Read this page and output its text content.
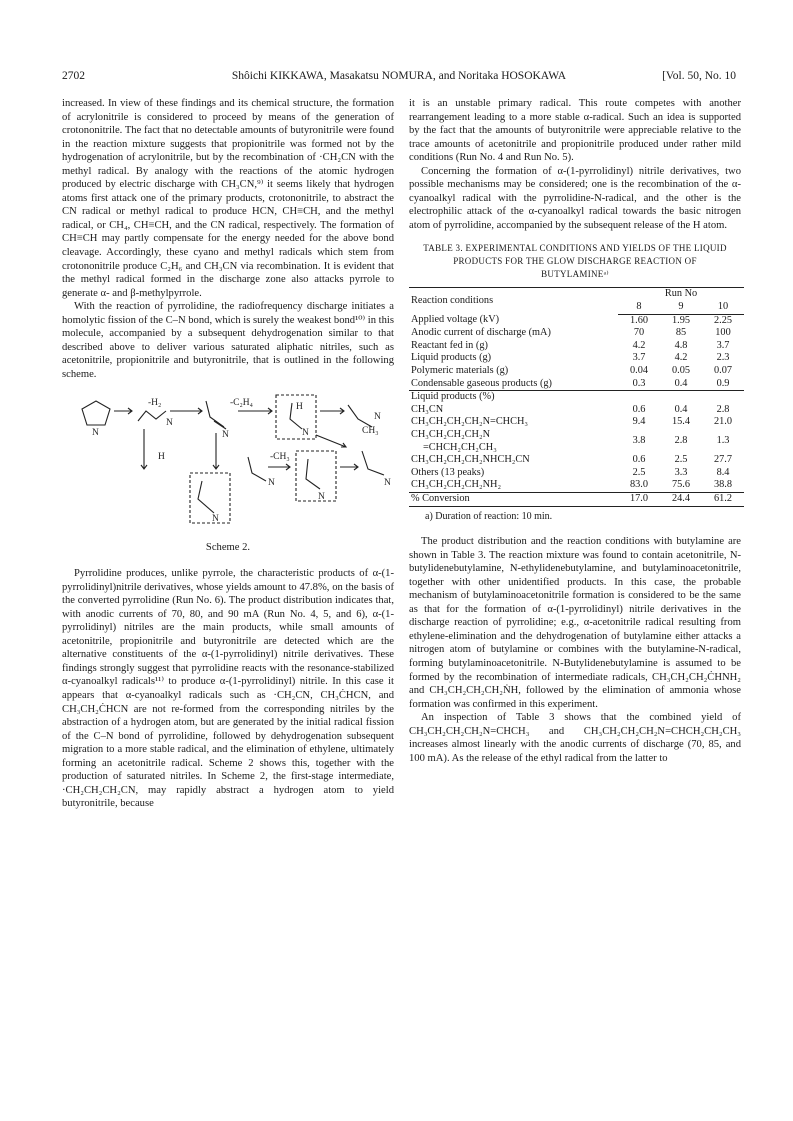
2702	Shôichi KIKKAWA, Masakatsu NOMURA, and Noritaka HOSOKAWA	[Vol. 50, No. 10

increased. In view of these findings and its chemical structure, the formation of acrylonitrile is considered to proceed by means of the generation of crotononitrile. The fact that no detectable amounts of butyronitrile were found in the reaction mixture suggests that propionitrile was formed not by the hydrogenation of acrylonitrile, but by the recombination of ·CH₂CN with the methyl radical. By analogy with the reactions of the atomic hydrogen produced by electric discharge with CH₃CN,⁹⁾ it seems likely that hydrogen atoms first attack one of the primary products, crotononitrile, to abstract the CN radical or methyl radical to produce HCN, CH≡CH, and the methyl radical, or CH₄, CH≡CH, and the CN radical, respectively. The formation of CH≡CH may partly compensate for the energy needed for the above bond cleavage. Accordingly, these cyano and methyl radicals which stem from crotononitrile produce C₂H₆ and CH₃CN via recombination. It is evident that the methyl radical formed in the discharge zone also attacks pyrrole to generate α- and β-methylpyrrole.

With the reaction of pyrrolidine, the radiofrequency discharge initiates a homolytic fission of the C–N bond, which is surely the weakest bond¹⁰⁾ in this molecule, accompanied by a subsequent dehydrogenation similar to that described above to deliver various saturated aliphatic nitriles, such as acetonitrile, propionitrile and butyronitrile, that is outlined in the following scheme.

N
-H₂
N
-C₂H₄
N
H
N	CH₃
N
H
N
N
-CH₃
N
N
Scheme 2.

Pyrrolidine produces, unlike pyrrole, the characteristic products of α-(1-pyrrolidinyl)nitrile derivatives, whose yields amount to 47.8%, on the basis of the converted pyrrolidine (Run No. 6). The product distribution indicates that, with anodic currents of 70, 80, and 90 mA (Run No. 4, 5, and 6), α-(1-pyrrolidinyl) nitriles are the main products, while small amounts of acetonitrile, propionitrile and butyronitrile are detected which are the alternative constituents of the α-(1-pyrrolidinyl) nitrile derivatives. These findings strongly suggest that pyrrolidine reacts with the resonance-stabilized α-cyanoalkyl radicals¹¹⁾ to produce α-(1-pyrrolidinyl) nitrile. In this case it appears that α-cyanoalkyl radicals such as ·CH₂CN, CH₃ĊHCN, and CH₃CH₂ĊHCN are not re-formed from the corresponding nitriles by the abstraction of a hydrogen atom, but are generated by the initial radical fission of the C–N bond of pyrrolidine, followed by dehydrogenation subsequent migration to a more stable radical, and the elimination of ethylene, ultimately forming an acetonitrile radical. Scheme 2 shows this, together with the production of saturated nitriles. In Scheme 2, the first-stage intermediate, ·CH₂CH₂CH₂CN, may rapidly abstract a hydrogen atom to yield butyronitrile, because

it is an unstable primary radical. This route competes with another rearrangement leading to a more stable α-radical. Such an idea is supported by the fact that the amounts of butyronitrile were appreciable relative to the trace amounts of acetonitrile and propionitrile produced under rather mild conditions (Run No. 4 and Run No. 5).

Concerning the formation of α-(1-pyrrolidinyl) nitrile derivatives, two possible mechanisms may be considered; one is the recombination of the α-cyanoalkyl radical with the pyrrolidine-N-radical, and the other is the electrophilic attack of the α-cyanoalkyl radical towards the basic nitrogen atom of pyrrolidine, accompanied by the subsequent release of the H atom.

TABLE 3. EXPERIMENTAL CONDITIONS AND YIELDS OF THE LIQUID PRODUCTS FOR THE GLOW DISCHARGE REACTION OF BUTYLAMINEᵃ⁾
Reaction conditions	Run No		
	8	9	10
Applied voltage (kV)	1.60	1.95	2.25
Anodic current of discharge (mA)	70	85	100
Reactant fed in (g)	4.2	4.8	3.7
Liquid products (g)	3.7	4.2	2.3
Polymeric materials (g)	0.04	0.05	0.07
Condensable gaseous products (g)	0.3	0.4	0.9
Liquid products (%)			
CH₃CN	0.6	0.4	2.8
CH₃CH₂CH₂CH₂N=CHCH₃	9.4	15.4	21.0

CH₃CH₂CH₂CH₂N
=CHCH₂CH₂CH₃	3.8	2.8	1.3
CH₃CH₂CH₂CH₂NHCH₂CN	0.6	2.5	27.7
Others (13 peaks)	2.5	3.3	8.4
CH₃CH₂CH₂CH₂NH₂	83.0	75.6	38.8
% Conversion	17.0	24.4	61.2
a) Duration of reaction: 10 min.

The product distribution and the reaction conditions with butylamine are shown in Table 3. The reaction mixture was found to contain acetonitrile, N-butylidenebutylamine, N-ethylidenebutylamine, and butylaminoacetonitrile, together with other unidentified products. In this case, the probable mechanism of butylaminoacetonitrile formation is considered to be the same as that for the formation of α-(1-pyrrolidinyl) nitrile derivatives in the discharge reaction of pyrrolidine; e.g., α-acetonitrile radical resulting from ethylene-elimination and the dehydrogenation of butylamine either attacks a nitrogen atom of butylamine or combines with the butylamine-N-radical, forming butylaminoacetonitrile. N-Butylidenebutylamine is assumed to be formed by the recombination of intermediate radicals, CH₃CH₂CH₂ĊHNH₂ and CH₃CH₂CH₂CH₂ṄH, followed by the elimination of ammonia whose formation was confirmed in this experiment.

An inspection of Table 3 shows that the combined yield of CH₃CH₂CH₂CH₂N=CHCH₃ and CH₃CH₂CH₂CH₂N=CHCH₂CH₂CH₃ increases almost linearly with the anodic currents of discharge (70, 85, and 100 mA). As the release of the ethyl radical from the latter to
